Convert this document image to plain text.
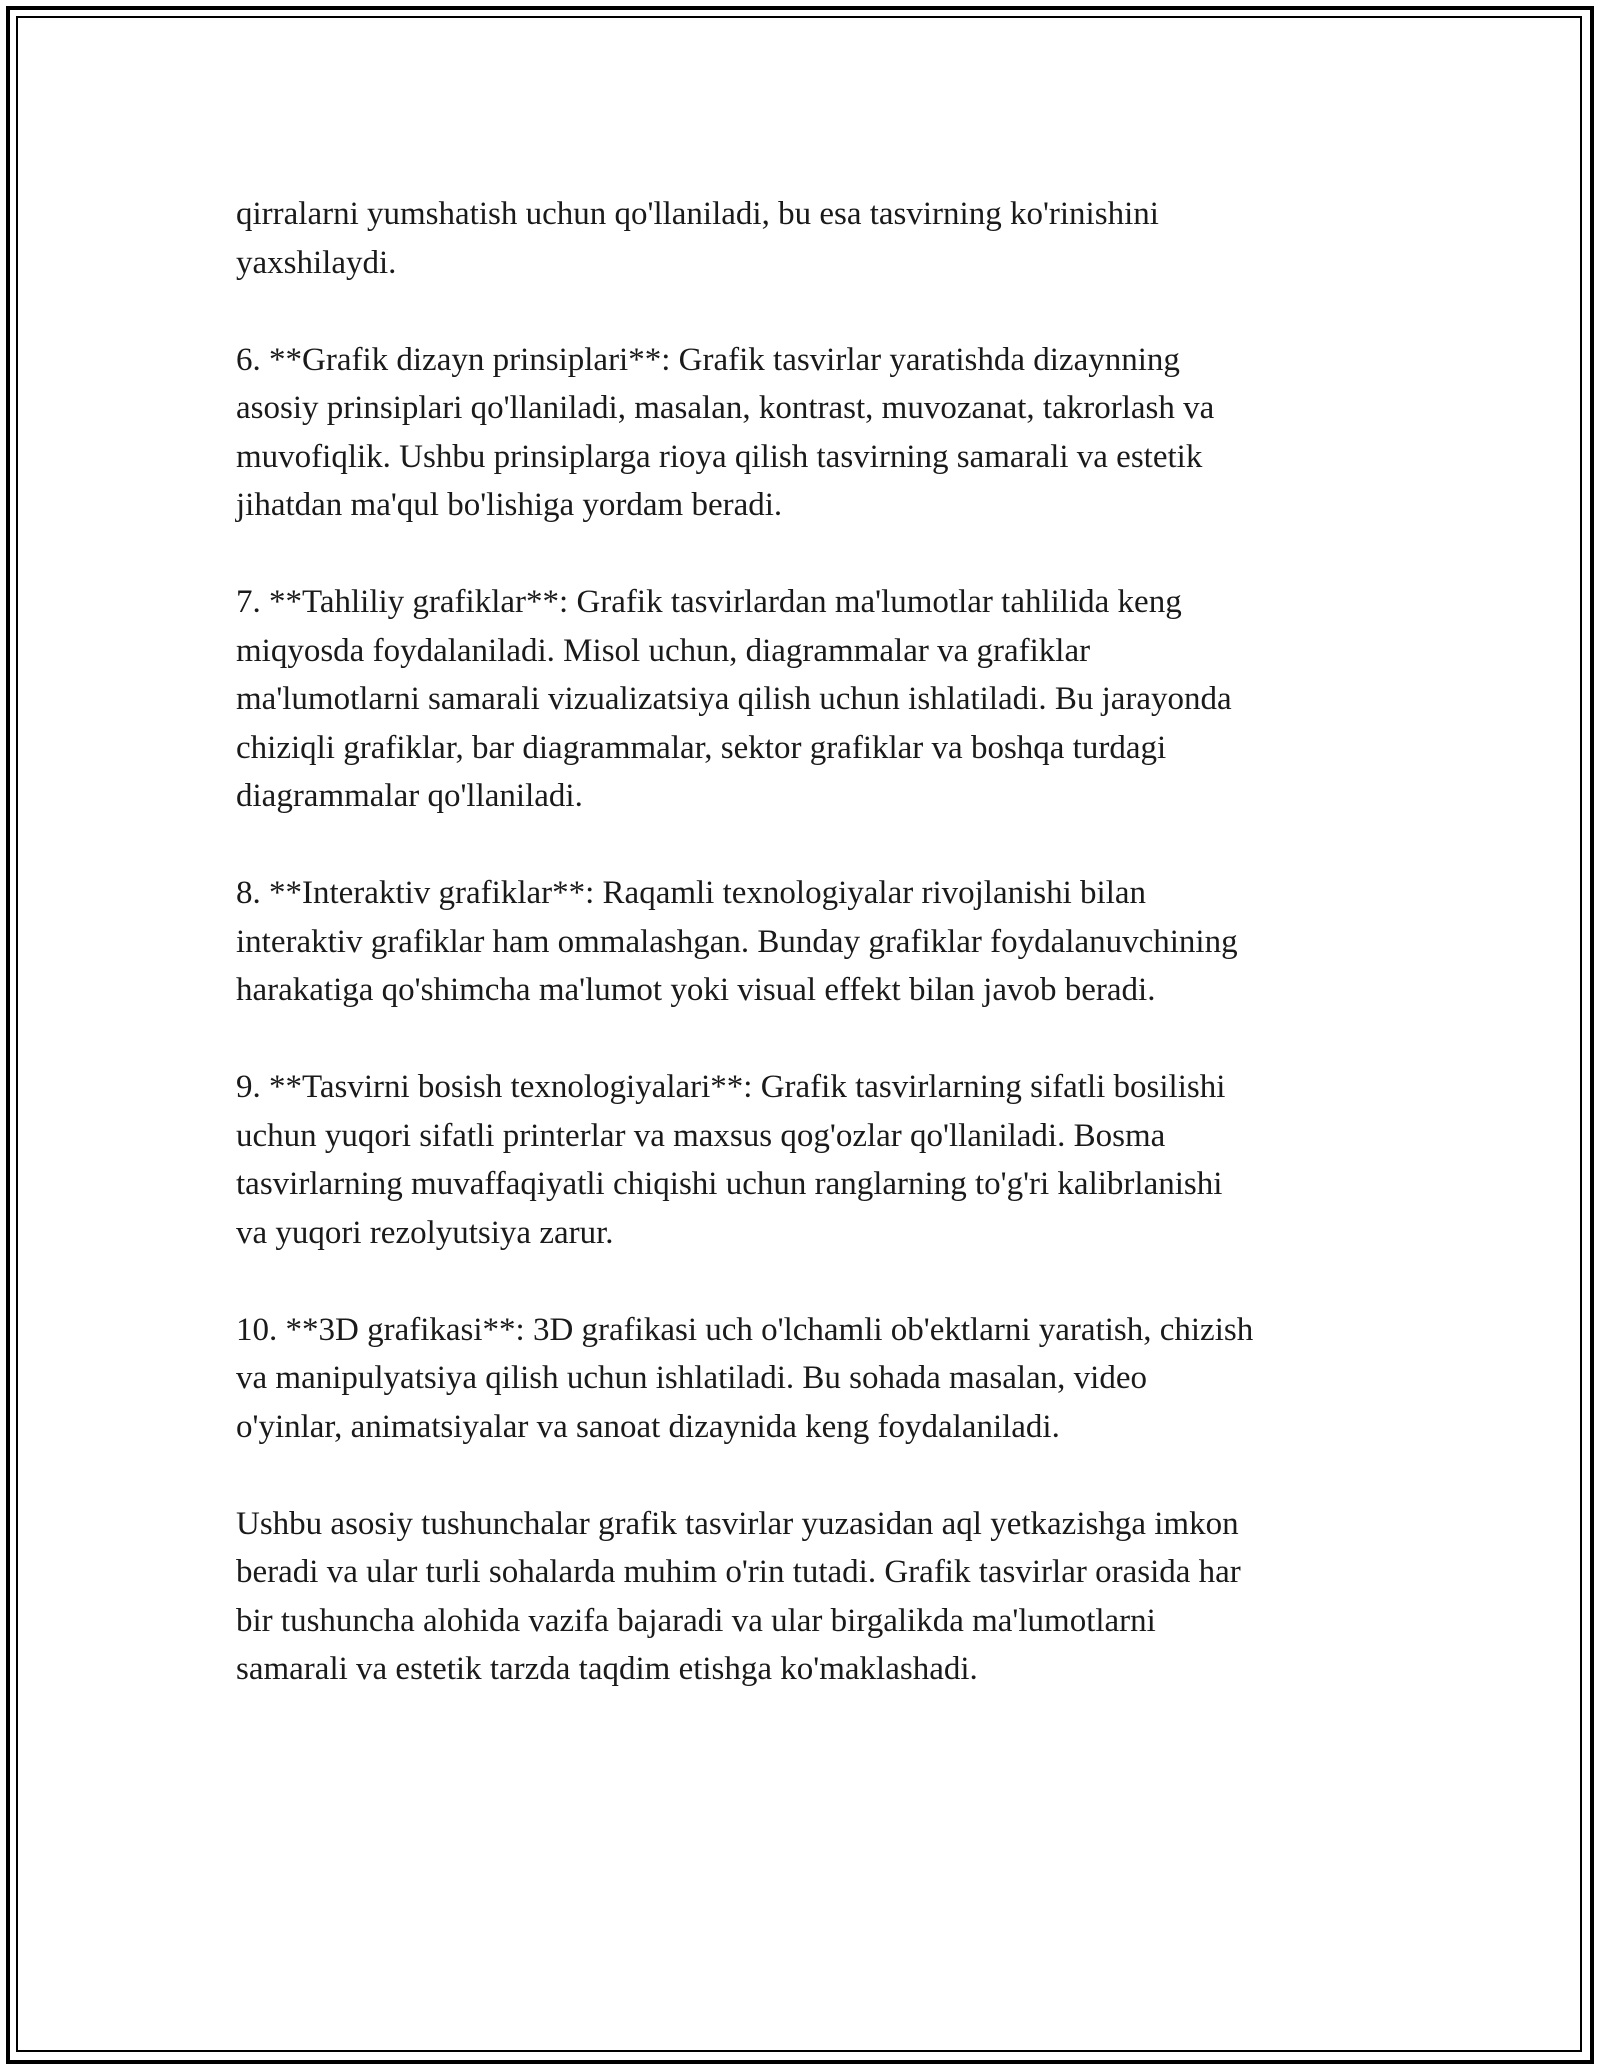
qirralarni yumshatish uchun qo'llaniladi, bu esa tasvirning ko'rinishini
yaxshilaydi.

6. **Grafik dizayn prinsiplari**: Grafik tasvirlar yaratishda dizaynning
asosiy prinsiplari qo'llaniladi, masalan, kontrast, muvozanat, takrorlash va
muvofiqlik. Ushbu prinsiplarga rioya qilish tasvirning samarali va estetik
jihatdan ma'qul bo'lishiga yordam beradi.

7. **Tahliliy grafiklar**: Grafik tasvirlardan ma'lumotlar tahlilida keng
miqyosda foydalaniladi. Misol uchun, diagrammalar va grafiklar
ma'lumotlarni samarali vizualizatsiya qilish uchun ishlatiladi. Bu jarayonda
chiziqli grafiklar, bar diagrammalar, sektor grafiklar va boshqa turdagi
diagrammalar qo'llaniladi.

8. **Interaktiv grafiklar**: Raqamli texnologiyalar rivojlanishi bilan
interaktiv grafiklar ham ommalashgan. Bunday grafiklar foydalanuvchining
harakatiga qo'shimcha ma'lumot yoki visual effekt bilan javob beradi.

9. **Tasvirni bosish texnologiyalari**: Grafik tasvirlarning sifatli bosilishi
uchun yuqori sifatli printerlar va maxsus qog'ozlar qo'llaniladi. Bosma
tasvirlarning muvaffaqiyatli chiqishi uchun ranglarning to'g'ri kalibrlanishi
va yuqori rezolyutsiya zarur.

10. **3D grafikasi**: 3D grafikasi uch o'lchamli ob'ektlarni yaratish, chizish
va manipulyatsiya qilish uchun ishlatiladi. Bu sohada masalan, video
o'yinlar, animatsiyalar va sanoat dizaynida keng foydalaniladi.

Ushbu asosiy tushunchalar grafik tasvirlar yuzasidan aql yetkazishga imkon
beradi va ular turli sohalarda muhim o'rin tutadi. Grafik tasvirlar orasida har
bir tushuncha alohida vazifa bajaradi va ular birgalikda ma'lumotlarni
samarali va estetik tarzda taqdim etishga ko'maklashadi.
